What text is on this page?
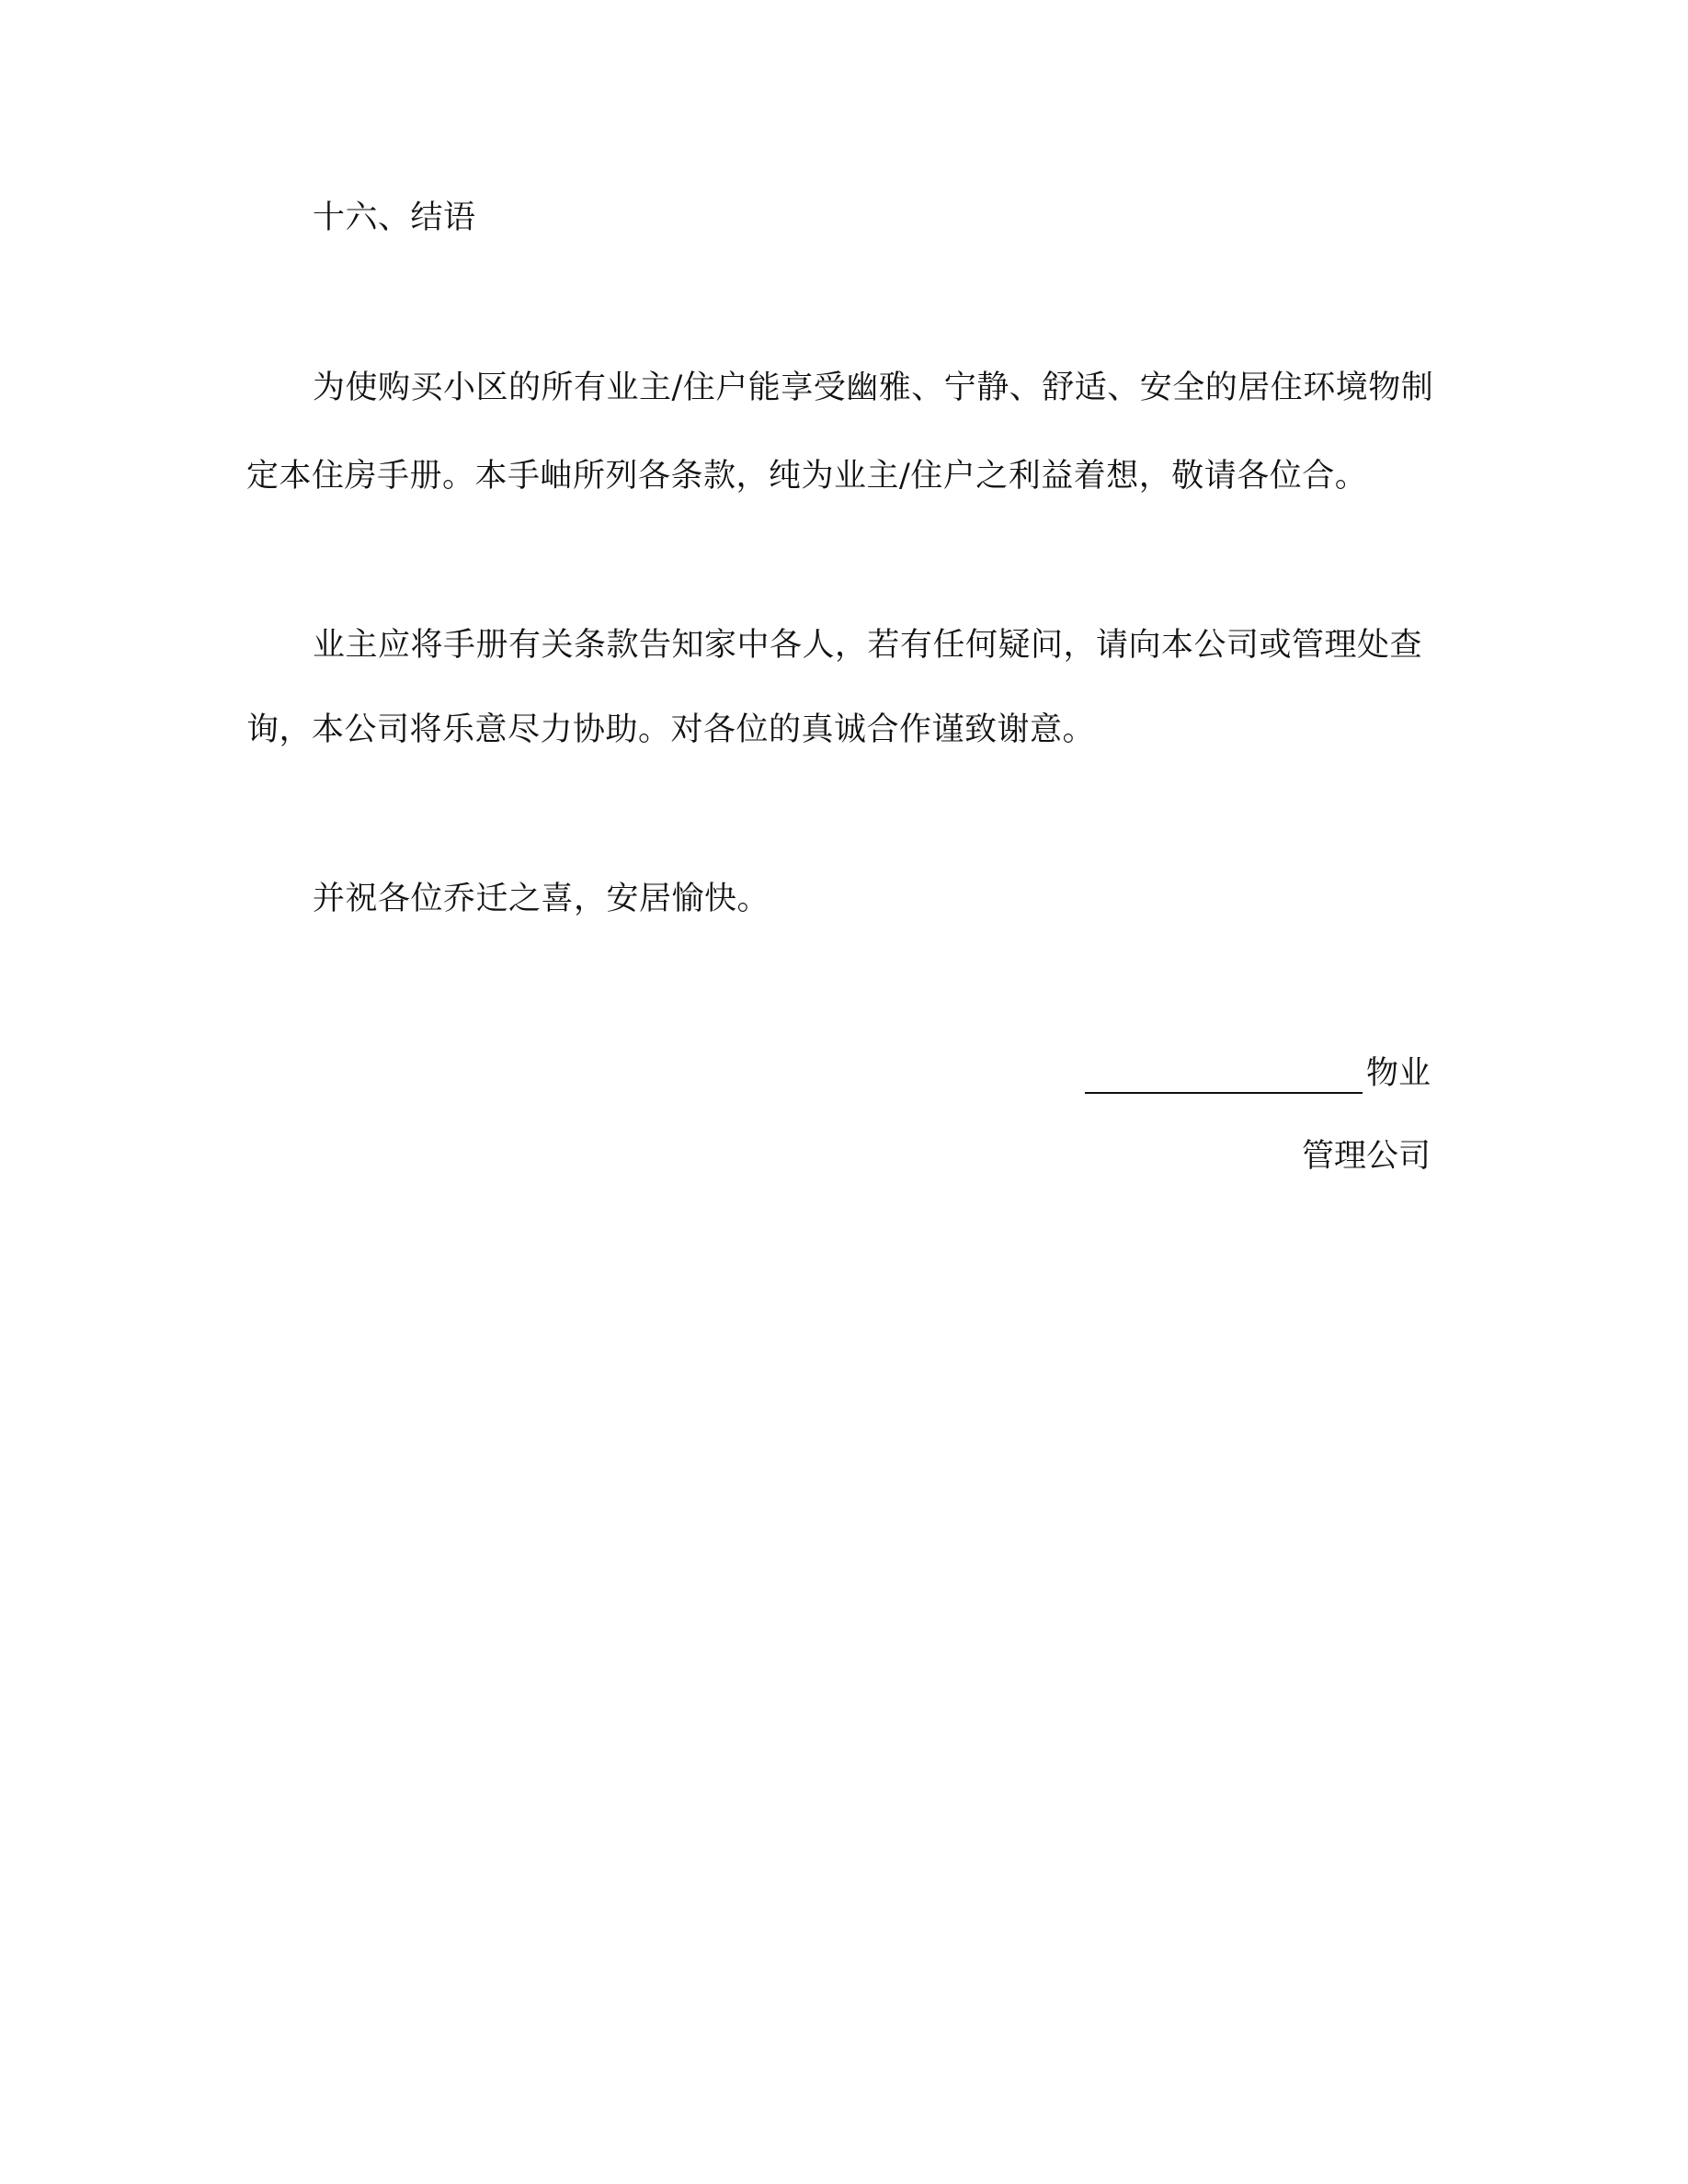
十六、结语
为使购买小区的所有业主/住户能享受幽雅、宁静、舒适、安全的居住环境物制
定本住房手册。本手岫所列各条款，纯为业主/住户之利益着想，敬请各位合。
业主应将手册有关条款告知家中各人，若有任何疑问，请向本公司或管理处查
询，本公司将乐意尽力协助。对各位的真诚合作谨致谢意。
并祝各位乔迁之喜，安居愉快。
物业
管理公司
